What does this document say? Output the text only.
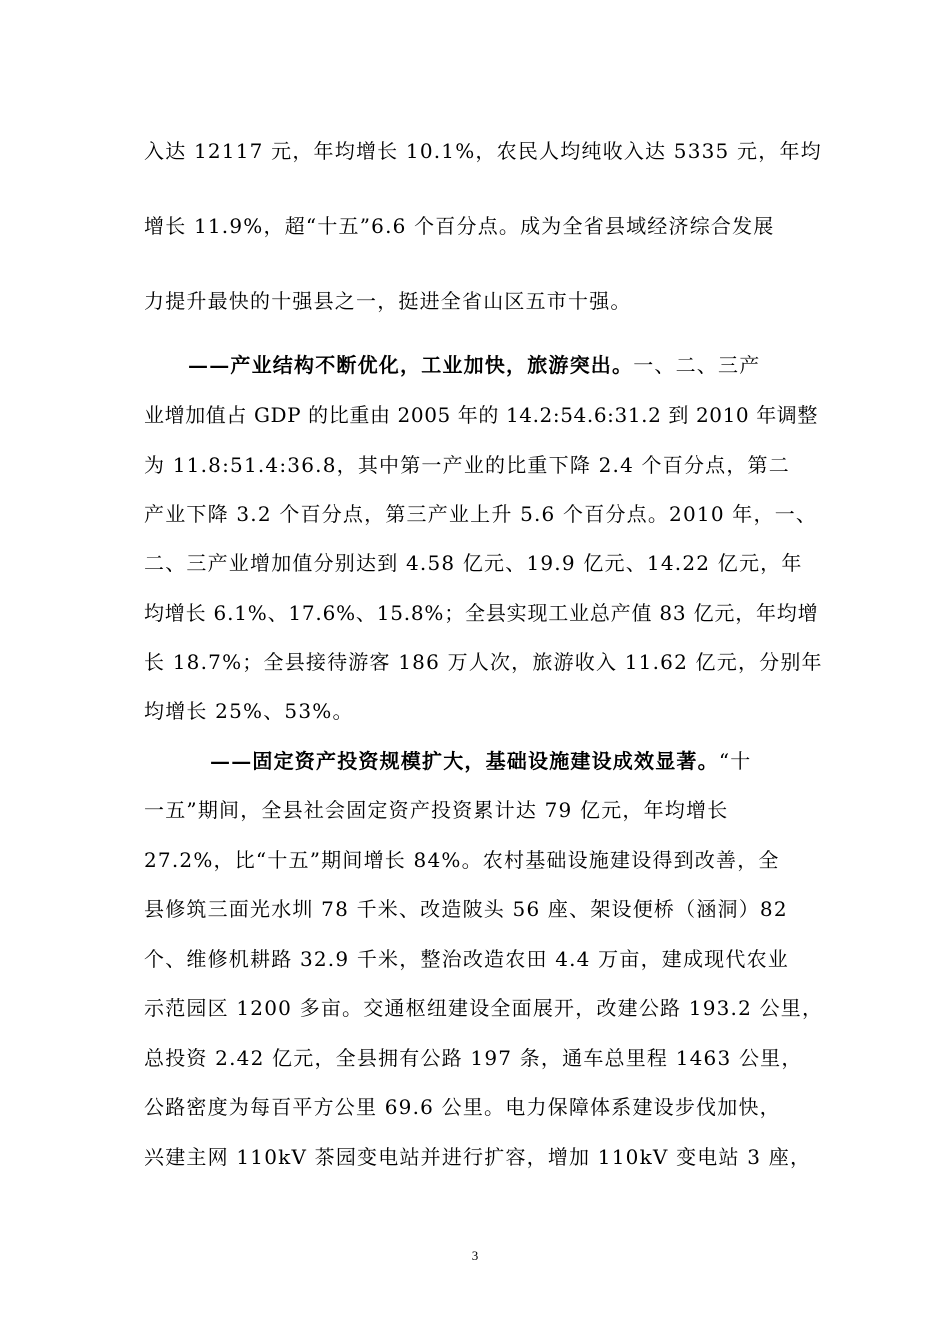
入达 12117 元，年均增长 10.1%，农民人均纯收入达 5335 元，年均
增长 11.9%，超“十五”6.6 个百分点。成为全省县域经济综合发展
力提升最快的十强县之一，挺进全省山区五市十强。
——产业结构不断优化，工业加快，旅游突出。一、二、三产
业增加值占 GDP 的比重由 2005 年的 14.2:54.6:31.2 到 2010 年调整
为 11.8:51.4:36.8，其中第一产业的比重下降 2.4 个百分点，第二
产业下降 3.2 个百分点，第三产业上升 5.6 个百分点。2010 年，一、
二、三产业增加值分别达到 4.58 亿元、19.9 亿元、14.22 亿元，年
均增长 6.1%、17.6%、15.8%；全县实现工业总产值 83 亿元，年均增
长 18.7%；全县接待游客 186 万人次，旅游收入 11.62 亿元，分别年
均增长 25%、53%。
——固定资产投资规模扩大，基础设施建设成效显著。“十
一五”期间，全县社会固定资产投资累计达 79 亿元，年均增长
27.2%，比“十五”期间增长 84%。农村基础设施建设得到改善，全
县修筑三面光水圳 78 千米、改造陂头 56 座、架设便桥（涵洞）82
个、维修机耕路 32.9 千米，整治改造农田 4.4 万亩，建成现代农业
示范园区 1200 多亩。交通枢纽建设全面展开，改建公路 193.2 公里，
总投资 2.42 亿元，全县拥有公路 197 条，通车总里程 1463 公里，
公路密度为每百平方公里 69.6 公里。电力保障体系建设步伐加快，
兴建主网 110kV 茶园变电站并进行扩容，增加 110kV 变电站 3 座，
3
